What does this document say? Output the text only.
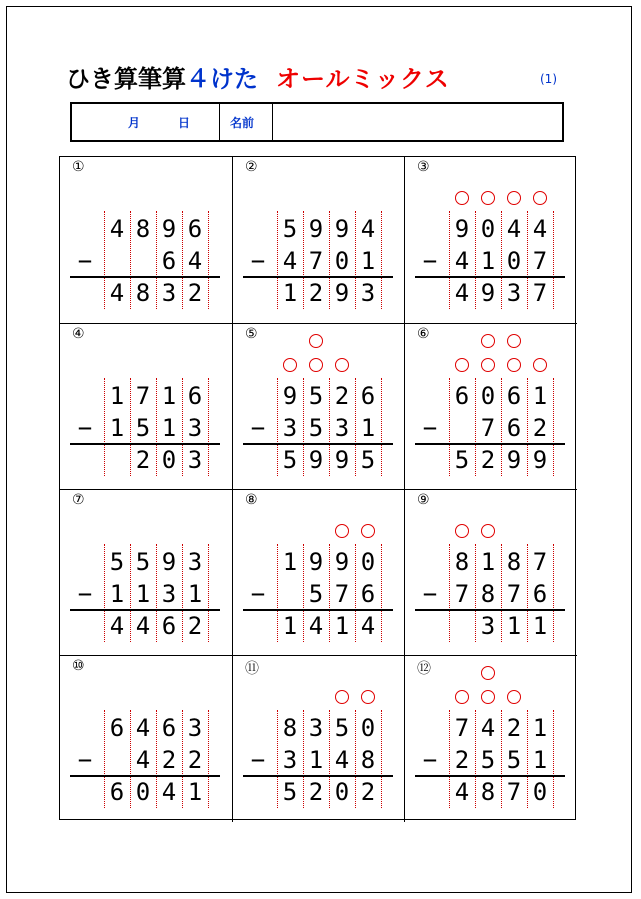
ひき算筆算４けた オールミックス	(1)
月	日	名前
①
4 8 9 6
6 4
4 8 3 2
−
②
5 9 9 4
4 7 0 1
1 2 9 3
−
③
9 0 4 4
4 1 0 7
4 9 3 7
−
④
1 7 1 6
1 5 1 3
2 0 3
−
⑤
9 5 2 6
3 5 3 1
5 9 9 5
−
⑥
6 0 6 1
7 6 2
5 2 9 9
−
⑦
5 5 9 3
1 1 3 1
4 4 6 2
−
⑧
1 9 9 0
5 7 6
1 4 1 4
−
⑨
8 1 8 7
7 8 7 6
3 1 1
−
⑩
6 4 6 3
4 2 2
6 0 4 1
−
⑪
8 3 5 0
3 1 4 8
5 2 0 2
−
⑫
7 4 2 1
2 5 5 1
4 8 7 0
−
